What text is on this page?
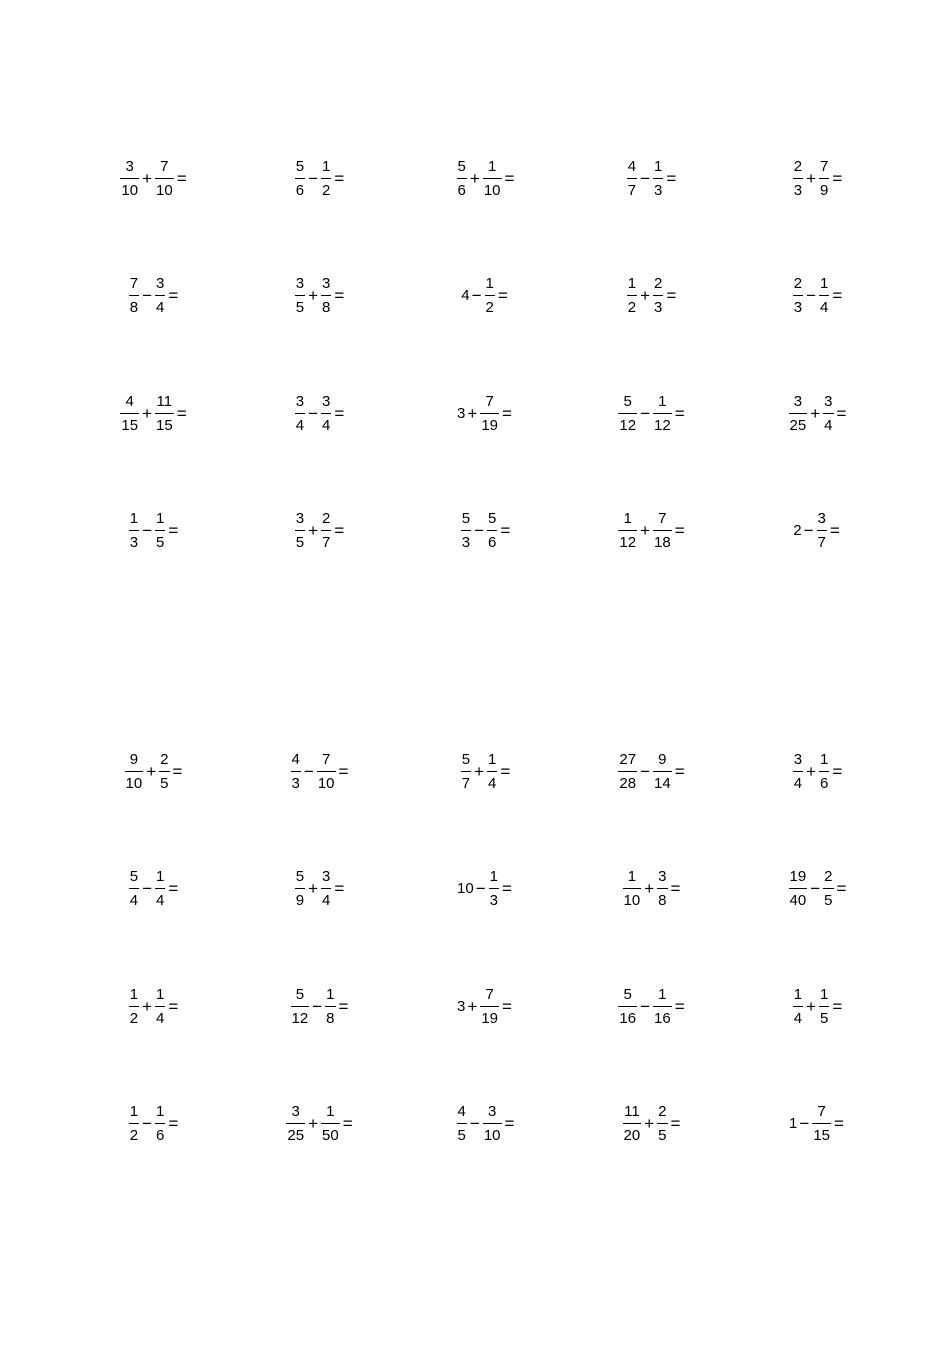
$\frac{3}{10} + \frac{7}{10}$ =	$\frac{5}{6} - \frac{1}{2}$ =	$\frac{5}{6} + \frac{1}{10}$ =	$\frac{4}{7} - \frac{1}{3}$ =	$\frac{2}{3} + \frac{7}{9}$ =
$\frac{7}{8} - \frac{3}{4}$ =	$\frac{3}{5} + \frac{3}{8}$ =	$4 - \frac{1}{2}$ =	$\frac{1}{2} + \frac{2}{3}$ =	$\frac{2}{3} - \frac{1}{4}$ =
$\frac{4}{15} + \frac{11}{15}$ =	$\frac{3}{4} - \frac{3}{4}$ =	$3 + \frac{7}{19}$ =	$\frac{5}{12} - \frac{1}{12}$ =	$\frac{3}{25} + \frac{3}{4}$ =
$\frac{1}{3} - \frac{1}{5}$ =	$\frac{3}{5} + \frac{2}{7}$ =	$\frac{5}{3} - \frac{5}{6}$ =	$\frac{1}{12} + \frac{7}{18}$ =	$2 - \frac{3}{7}$ =
$\frac{9}{10} + \frac{2}{5}$ =	$\frac{4}{3} - \frac{7}{10}$ =	$\frac{5}{7} + \frac{1}{4}$ =	$\frac{27}{28} - \frac{9}{14}$ =	$\frac{3}{4} + \frac{1}{6}$ =
$\frac{5}{4} - \frac{1}{4}$ =	$\frac{5}{9} + \frac{3}{4}$ =	$10 - \frac{1}{3}$ =	$\frac{1}{10} + \frac{3}{8}$ =	$\frac{19}{40} - \frac{2}{5}$ =
$\frac{1}{2} + \frac{1}{4}$ =	$\frac{5}{12} - \frac{1}{8}$ =	$3 + \frac{7}{19}$ =	$\frac{5}{16} - \frac{1}{16}$ =	$\frac{1}{4} + \frac{1}{5}$ =
$\frac{1}{2} - \frac{1}{6}$ =	$\frac{3}{25} + \frac{1}{50}$ =	$\frac{4}{5} - \frac{3}{10}$ =	$\frac{11}{20} + \frac{2}{5}$ =	$1 - \frac{7}{15}$ =
